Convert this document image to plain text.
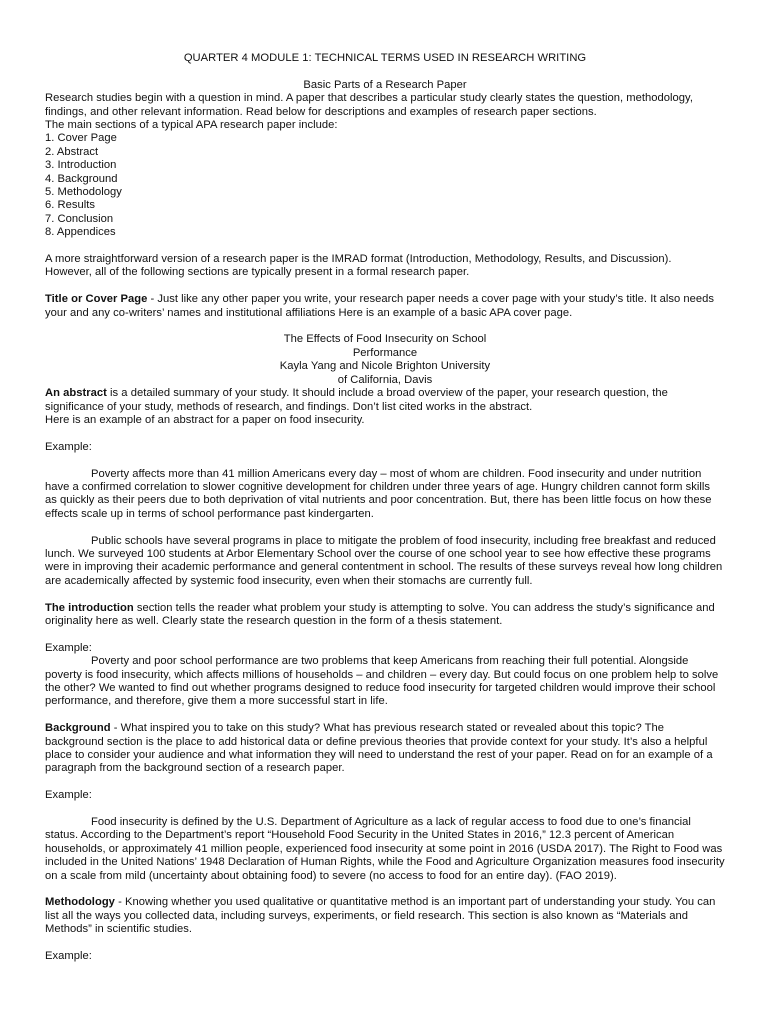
QUARTER 4 MODULE 1: TECHNICAL TERMS USED IN RESEARCH WRITING

Basic Parts of a Research Paper

Research studies begin with a question in mind. A paper that describes a particular study clearly states the question, methodology, findings, and other relevant information. Read below for descriptions and examples of research paper sections.

The main sections of a typical APA research paper include:

1. Cover Page
2. Abstract
3. Introduction
4. Background
5. Methodology
6. Results
7. Conclusion
8. Appendices

A more straightforward version of a research paper is the IMRAD format (Introduction, Methodology, Results, and Discussion).

However, all of the following sections are typically present in a formal research paper.

Title or Cover Page - Just like any other paper you write, your research paper needs a cover page with your study’s title. It also needs your and any co-writers’ names and institutional affiliations Here is an example of a basic APA cover page.

The Effects of Food Insecurity on School

Performance

Kayla Yang and Nicole Brighton University

of California, Davis

An abstract is a detailed summary of your study. It should include a broad overview of the paper, your research question, the significance of your study, methods of research, and findings. Don’t list cited works in the abstract.

Here is an example of an abstract for a paper on food insecurity.

Example:

Poverty affects more than 41 million Americans every day – most of whom are children. Food insecurity and under nutrition have a confirmed correlation to slower cognitive development for children under three years of age. Hungry children cannot form skills as quickly as their peers due to both deprivation of vital nutrients and poor concentration. But, there has been little focus on how these effects scale up in terms of school performance past kindergarten.

Public schools have several programs in place to mitigate the problem of food insecurity, including free breakfast and reduced lunch. We surveyed 100 students at Arbor Elementary School over the course of one school year to see how effective these programs were in improving their academic performance and general contentment in school. The results of these surveys reveal how long children are academically affected by systemic food insecurity, even when their stomachs are currently full.

The introduction section tells the reader what problem your study is attempting to solve. You can address the study’s significance and originality here as well. Clearly state the research question in the form of a thesis statement.

Example:

Poverty and poor school performance are two problems that keep Americans from reaching their full potential. Alongside poverty is food insecurity, which affects millions of households – and children – every day. But could focus on one problem help to solve the other? We wanted to find out whether programs designed to reduce food insecurity for targeted children would improve their school performance, and therefore, give them a more successful start in life.

Background - What inspired you to take on this study? What has previous research stated or revealed about this topic? The background section is the place to add historical data or define previous theories that provide context for your study. It’s also a helpful place to consider your audience and what information they will need to understand the rest of your paper. Read on for an example of a paragraph from the background section of a research paper.

Example:

Food insecurity is defined by the U.S. Department of Agriculture as a lack of regular access to food due to one’s financial status. According to the Department’s report “Household Food Security in the United States in 2016,” 12.3 percent of American households, or approximately 41 million people, experienced food insecurity at some point in 2016 (USDA 2017). The Right to Food was included in the United Nations’ 1948 Declaration of Human Rights, while the Food and Agriculture Organization measures food insecurity on a scale from mild (uncertainty about obtaining food) to severe (no access to food for an entire day). (FAO 2019).

Methodology - Knowing whether you used qualitative or quantitative method is an important part of understanding your study. You can list all the ways you collected data, including surveys, experiments, or field research. This section is also known as “Materials and Methods” in scientific studies.

Example:
